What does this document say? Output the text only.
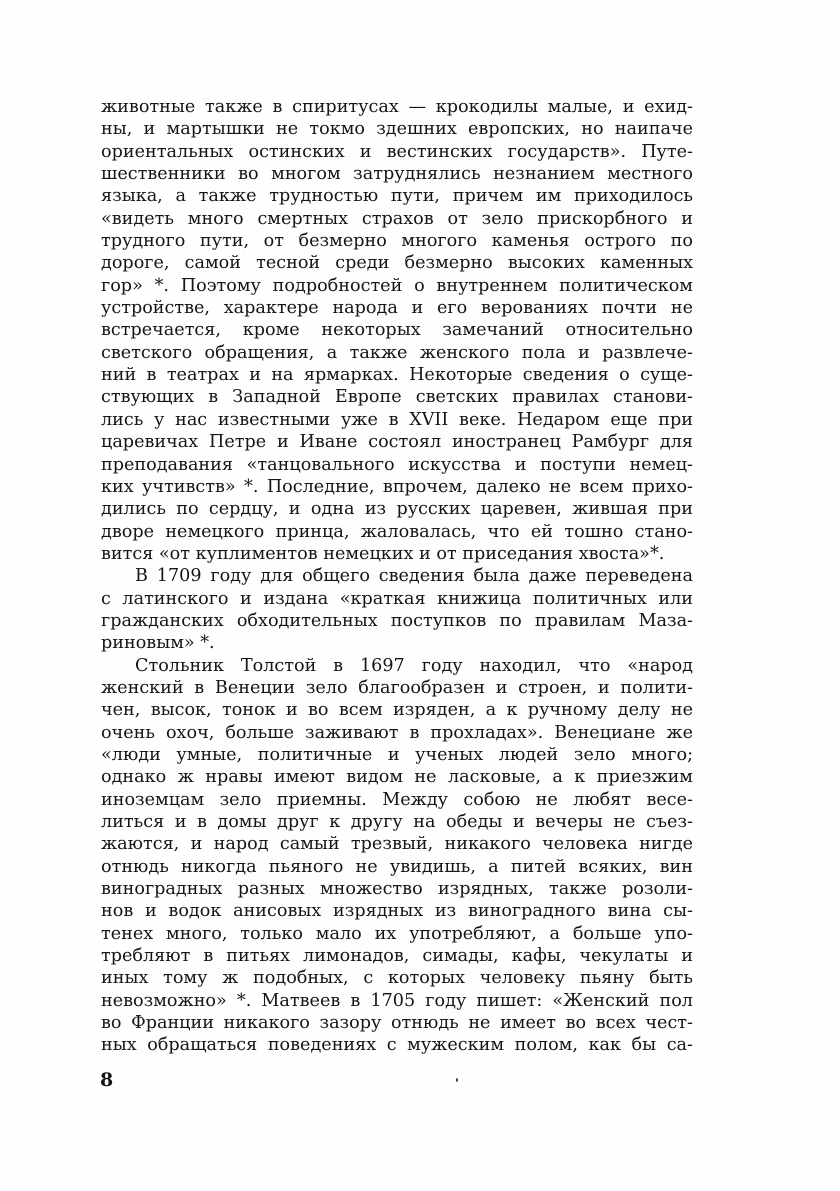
животные также в спиритусах — крокодилы малые, и ехид-
ны, и мартышки не токмо здешних европских, но наипаче
ориентальных остинских и вестинских государств». Путе-
шественники во многом затруднялись незнанием местного
языка, а также трудностью пути, причем им приходилось
«видеть много смертных страхов от зело прискорбного и
трудного пути, от безмерно многого каменья острого по
дороге, самой тесной среди безмерно высоких каменных
гор» *. Поэтому подробностей о внутреннем политическом
устройстве, характере народа и его верованиях почти не
встречается, кроме некоторых замечаний относительно
светского обращения, а также женского пола и развлече-
ний в театрах и на ярмарках. Некоторые сведения о суще-
ствующих в Западной Европе светских правилах станови-
лись у нас известными уже в XVII веке. Недаром еще при
царевичах Петре и Иване состоял иностранец Рамбург для
преподавания «танцовального искусства и поступи немец-
ких учтивств» *. Последние, впрочем, далеко не всем прихо-
дились по сердцу, и одна из русских царевен, жившая при
дворе немецкого принца, жаловалась, что ей тошно стано-
вится «от куплиментов немецких и от приседания хвоста»*.
В 1709 году для общего сведения была даже переведена
с латинского и издана «краткая книжица политичных или
гражданских обходительных поступков по правилам Маза-
риновым» *.
Стольник Толстой в 1697 году находил, что «народ
женский в Венеции зело благообразен и строен, и полити-
чен, высок, тонок и во всем изряден, а к ручному делу не
очень охоч, больше заживают в прохладах». Венециане же
«люди умные, политичные и ученых людей зело много;
однако ж нравы имеют видом не ласковые, а к приезжим
иноземцам зело приемны. Между собою не любят весе-
литься и в домы друг к другу на обеды и вечеры не съез-
жаются, и народ самый трезвый, никакого человека нигде
отнюдь никогда пьяного не увидишь, а питей всяких, вин
виноградных разных множество изрядных, также розоли-
нов и водок анисовых изрядных из виноградного вина сы-
тенех много, только мало их употребляют, а больше упо-
требляют в питьях лимонадов, симады, кафы, чекулаты и
иных тому ж подобных, с которых человеку пьяну быть
невозможно» *. Матвеев в 1705 году пишет: «Женский пол
во Франции никакого зазору отнюдь не имеет во всех чест-
ных обращаться поведениях с мужеским полом, как бы са-
8
